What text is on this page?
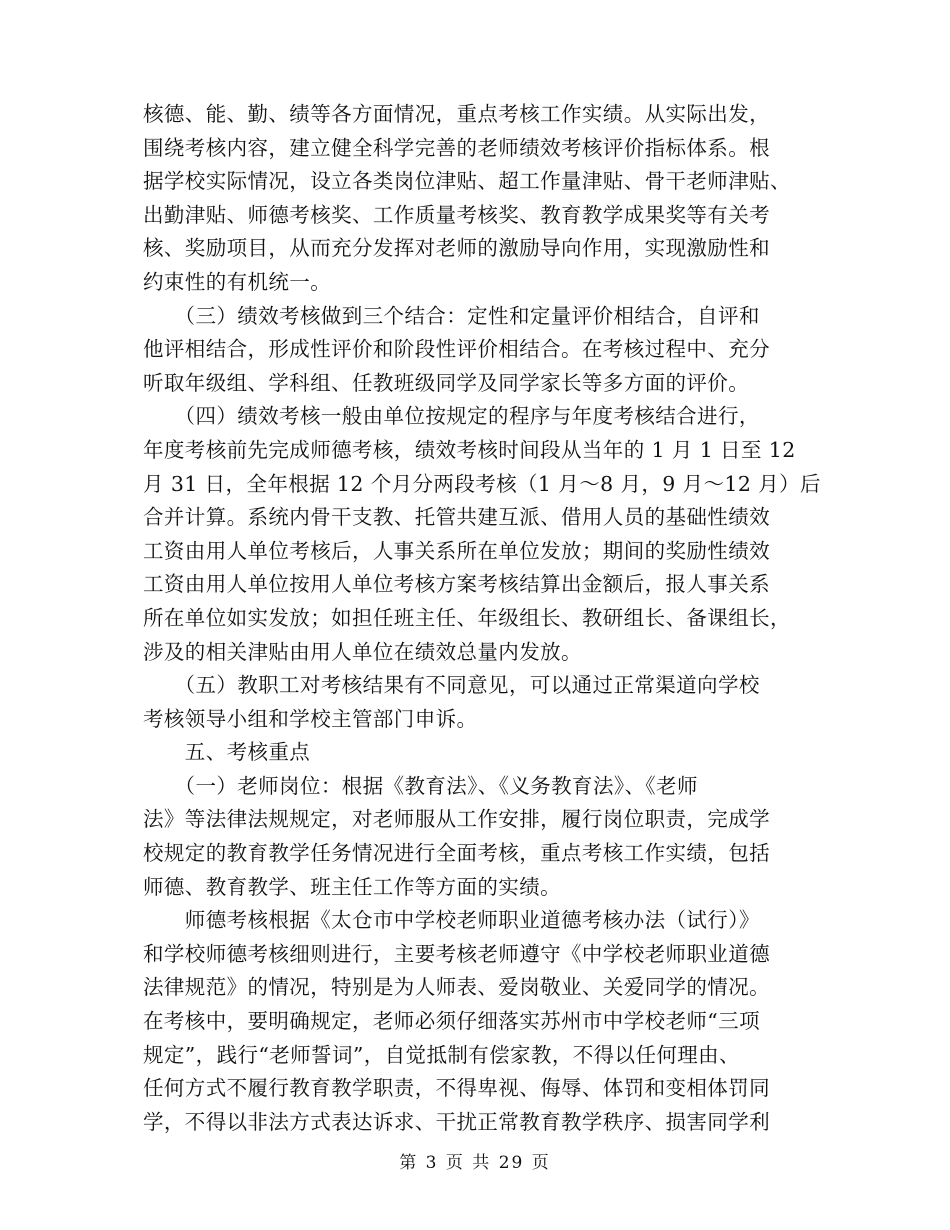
核德、能、勤、绩等各方面情况，重点考核工作实绩。从实际出发，
围绕考核内容，建立健全科学完善的老师绩效考核评价指标体系。根
据学校实际情况，设立各类岗位津贴、超工作量津贴、骨干老师津贴、
出勤津贴、师德考核奖、工作质量考核奖、教育教学成果奖等有关考
核、奖励项目，从而充分发挥对老师的激励导向作用，实现激励性和
约束性的有机统一。

　　（三）绩效考核做到三个结合：定性和定量评价相结合，自评和
他评相结合，形成性评价和阶段性评价相结合。在考核过程中、充分
听取年级组、学科组、任教班级同学及同学家长等多方面的评价。

　　（四）绩效考核一般由单位按规定的程序与年度考核结合进行，
年度考核前先完成师德考核，绩效考核时间段从当年的 1 月 1 日至 12
月 31 日，全年根据 12 个月分两段考核（1 月～8 月，9 月～12 月）后
合并计算。系统内骨干支教、托管共建互派、借用人员的基础性绩效
工资由用人单位考核后，人事关系所在单位发放；期间的奖励性绩效
工资由用人单位按用人单位考核方案考核结算出金额后，报人事关系
所在单位如实发放；如担任班主任、年级组长、教研组长、备课组长，
涉及的相关津贴由用人单位在绩效总量内发放。

　　（五）教职工对考核结果有不同意见，可以通过正常渠道向学校
考核领导小组和学校主管部门申诉。

　　五、考核重点

　　（一）老师岗位：根据《教育法》、《义务教育法》、《老师
法》等法律法规规定，对老师服从工作安排，履行岗位职责，完成学
校规定的教育教学任务情况进行全面考核，重点考核工作实绩，包括
师德、教育教学、班主任工作等方面的实绩。

　　师德考核根据《太仓市中学校老师职业道德考核办法（试行）》
和学校师德考核细则进行，主要考核老师遵守《中学校老师职业道德
法律规范》的情况，特别是为人师表、爱岗敬业、关爱同学的情况。
在考核中，要明确规定，老师必须仔细落实苏州市中学校老师“三项
规定”，践行“老师誓词”，自觉抵制有偿家教，不得以任何理由、
任何方式不履行教育教学职责，不得卑视、侮辱、体罚和变相体罚同
学，不得以非法方式表达诉求、干扰正常教育教学秩序、损害同学利

第 3 页 共 29 页
